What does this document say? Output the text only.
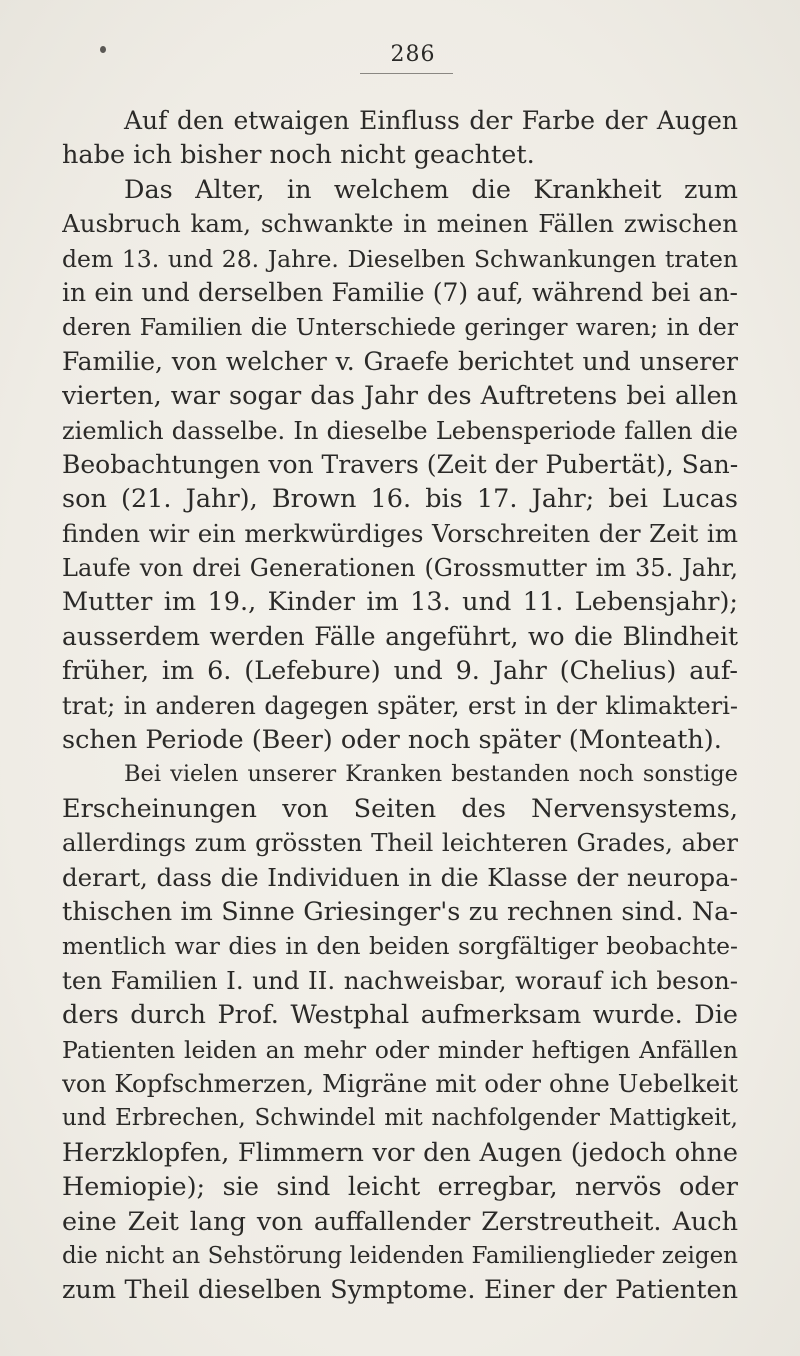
286
Auf den etwaigen Einfluss der Farbe der Augen
habe ich bisher noch nicht geachtet.
Das Alter, in welchem die Krankheit zum
Ausbruch kam, schwankte in meinen Fällen zwischen
dem 13. und 28. Jahre. Dieselben Schwankungen traten
in ein und derselben Familie (7) auf, während bei an-
deren Familien die Unterschiede geringer waren; in der
Familie, von welcher v. Graefe berichtet und unserer
vierten, war sogar das Jahr des Auftretens bei allen
ziemlich dasselbe. In dieselbe Lebensperiode fallen die
Beobachtungen von Travers (Zeit der Pubertät), San-
son (21. Jahr), Brown 16. bis 17. Jahr; bei Lucas
finden wir ein merkwürdiges Vorschreiten der Zeit im
Laufe von drei Generationen (Grossmutter im 35. Jahr,
Mutter im 19., Kinder im 13. und 11. Lebensjahr);
ausserdem werden Fälle angeführt, wo die Blindheit
früher, im 6. (Lefebure) und 9. Jahr (Chelius) auf-
trat; in anderen dagegen später, erst in der klimakteri-
schen Periode (Beer) oder noch später (Monteath).
Bei vielen unserer Kranken bestanden noch sonstige
Erscheinungen von Seiten des Nervensystems,
allerdings zum grössten Theil leichteren Grades, aber
derart, dass die Individuen in die Klasse der neuropa-
thischen im Sinne Griesinger's zu rechnen sind. Na-
mentlich war dies in den beiden sorgfältiger beobachte-
ten Familien I. und II. nachweisbar, worauf ich beson-
ders durch Prof. Westphal aufmerksam wurde. Die
Patienten leiden an mehr oder minder heftigen Anfällen
von Kopfschmerzen, Migräne mit oder ohne Uebelkeit
und Erbrechen, Schwindel mit nachfolgender Mattigkeit,
Herzklopfen, Flimmern vor den Augen (jedoch ohne
Hemiopie); sie sind leicht erregbar, nervös oder
eine Zeit lang von auffallender Zerstreutheit. Auch
die nicht an Sehstörung leidenden Familienglieder zeigen
zum Theil dieselben Symptome. Einer der Patienten
